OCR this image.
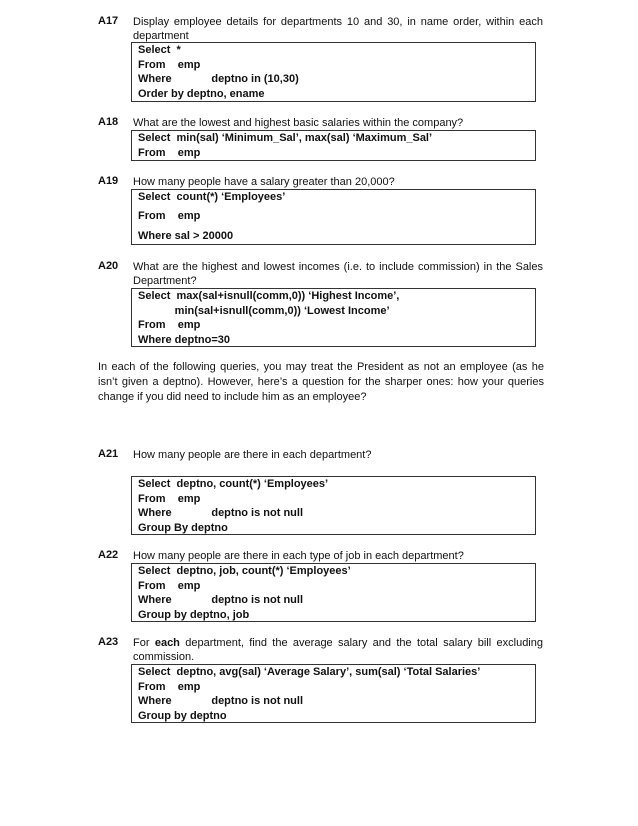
A17 Display employee details for departments 10 and 30, in name order, within each department
Select  *
From    emp
Where             deptno in (10,30)
Order by deptno, ename
A18 What are the lowest and highest basic salaries within the company?
Select  min(sal) ‘Minimum_Sal’, max(sal) ‘Maximum_Sal’
From    emp
A19 How many people have a salary greater than 20,000?
Select  count(*) ‘Employees’
From    emp
Where sal > 20000
A20 What are the highest and lowest incomes (i.e. to include commission) in the Sales Department?
Select  max(sal+isnull(comm,0)) ‘Highest Income’,
min(sal+isnull(comm,0)) ‘Lowest Income’
From    emp
Where deptno=30
In each of the following queries, you may treat the President as not an employee (as he isn’t given a deptno). However, here’s a question for the sharper ones: how your queries change if you did need to include him as an employee?
A21 How many people are there in each department?
Select  deptno, count(*) ‘Employees’
From    emp
Where             deptno is not null
Group By deptno
A22 How many people are there in each type of job in each department?
Select  deptno, job, count(*) ‘Employees’
From    emp
Where             deptno is not null
Group by deptno, job
A23 For each department, find the average salary and the total salary bill excluding commission.
Select  deptno, avg(sal) ‘Average Salary’, sum(sal) ‘Total Salaries’
From    emp
Where             deptno is not null
Group by deptno
